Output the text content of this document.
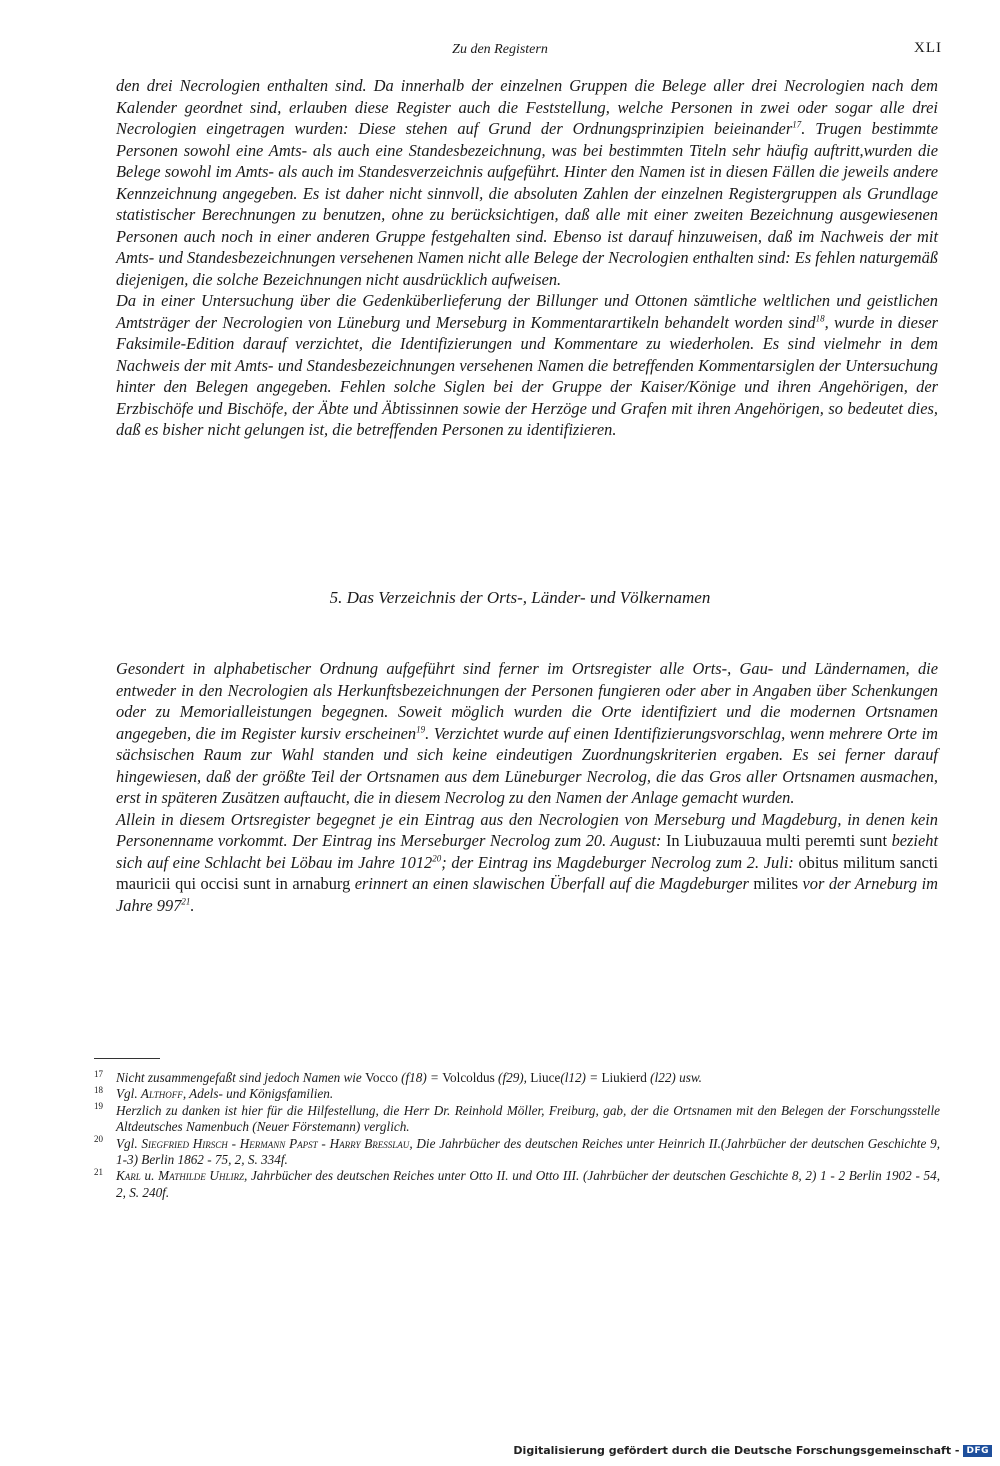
Zu den Registern	XLI

den drei Necrologien enthalten sind. Da innerhalb der einzelnen Gruppen die Belege aller drei Necrologien nach dem Kalender geordnet sind, erlauben diese Register auch die Feststellung, welche Personen in zwei oder sogar alle drei Necrologien eingetragen wurden: Diese stehen auf Grund der Ordnungsprinzipien beieinander$^{17}$. Trugen bestimmte Personen sowohl eine Amts- als auch eine Standesbezeichnung, was bei bestimmten Titeln sehr häufig auftritt,wurden die Belege sowohl im Amts- als auch im Standesverzeichnis aufgeführt. Hinter den Namen ist in diesen Fällen die jeweils andere Kennzeichnung angegeben. Es ist daher nicht sinnvoll, die absoluten Zahlen der einzelnen Registergruppen als Grundlage statistischer Berechnungen zu benutzen, ohne zu berücksichtigen, daß alle mit einer zweiten Bezeichnung ausgewiesenen Personen auch noch in einer anderen Gruppe festgehalten sind. Ebenso ist darauf hinzuweisen, daß im Nachweis der mit Amts- und Standesbezeichnungen versehenen Namen nicht alle Belege der Necrologien enthalten sind: Es fehlen naturgemäß diejenigen, die solche Bezeichnungen nicht ausdrücklich aufweisen.

Da in einer Untersuchung über die Gedenküberlieferung der Billunger und Ottonen sämtliche weltlichen und geistlichen Amtsträger der Necrologien von Lüneburg und Merseburg in Kommentarartikeln behandelt worden sind$^{18}$, wurde in dieser Faksimile-Edition darauf verzichtet, die Identifizierungen und Kommentare zu wiederholen. Es sind vielmehr in dem Nachweis der mit Amts- und Standesbezeichnungen versehenen Namen die betreffenden Kommentarsiglen der Untersuchung hinter den Belegen angegeben. Fehlen solche Siglen bei der Gruppe der Kaiser/Könige und ihren Angehörigen, der Erzbischöfe und Bischöfe, der Äbte und Äbtissinnen sowie der Herzöge und Grafen mit ihren Angehörigen, so bedeutet dies, daß es bisher nicht gelungen ist, die betreffenden Personen zu identifizieren.

5. Das Verzeichnis der Orts-, Länder- und Völkernamen

Gesondert in alphabetischer Ordnung aufgeführt sind ferner im Ortsregister alle Orts-, Gau- und Ländernamen, die entweder in den Necrologien als Herkunftsbezeichnungen der Personen fungieren oder aber in Angaben über Schenkungen oder zu Memorialleistungen begegnen. Soweit möglich wurden die Orte identifiziert und die modernen Ortsnamen angegeben, die im Register kursiv erscheinen$^{19}$. Verzichtet wurde auf einen Identifizierungsvorschlag, wenn mehrere Orte im sächsischen Raum zur Wahl standen und sich keine eindeutigen Zuordnungskriterien ergaben. Es sei ferner darauf hingewiesen, daß der größte Teil der Ortsnamen aus dem Lüneburger Necrolog, die das Gros aller Ortsnamen ausmachen, erst in späteren Zusätzen auftaucht, die in diesem Necrolog zu den Namen der Anlage gemacht wurden.

Allein in diesem Ortsregister begegnet je ein Eintrag aus den Necrologien von Merseburg und Magdeburg, in denen kein Personenname vorkommt. Der Eintrag ins Merseburger Necrolog zum 20. August: In Liubuzauua multi peremti sunt bezieht sich auf eine Schlacht bei Löbau im Jahre 1012$^{20}$; der Eintrag ins Magdeburger Necrolog zum 2. Juli: obitus militum sancti mauricii qui occisi sunt in arnaburg erinnert an einen slawischen Überfall auf die Magdeburger milites vor der Arneburg im Jahre $997^{21}$.

17 Nicht zusammengefaßt sind jedoch Namen wie Vocco (f18) = Volcoldus (f29), Liuce(l12) = Liukierd (l22) usw.

18 Vgl. Althoff, Adels- und Königsfamilien.

19 Herzlich zu danken ist hier für die Hilfestellung, die Herr Dr. Reinhold Möller, Freiburg, gab, der die Ortsnamen mit den Belegen der Forschungsstelle Altdeutsches Namenbuch (Neuer Förstemann) verglich.

20 Vgl. Siegfried Hirsch - Hermann Papst - Harry Bresslau, Die Jahrbücher des deutschen Reiches unter Heinrich II.(Jahrbücher der deutschen Geschichte 9, 1-3) Berlin 1862 - 75, 2, S. 334f.

21 Karl u. Mathilde Uhlirz, Jahrbücher des deutschen Reiches unter Otto II. und Otto III. (Jahrbücher der deutschen Geschichte 8, 2) 1 - 2 Berlin 1902 - 54, 2, S. 240f.

Digitalisierung gefördert durch die Deutsche Forschungsgemeinschaft - DFG
